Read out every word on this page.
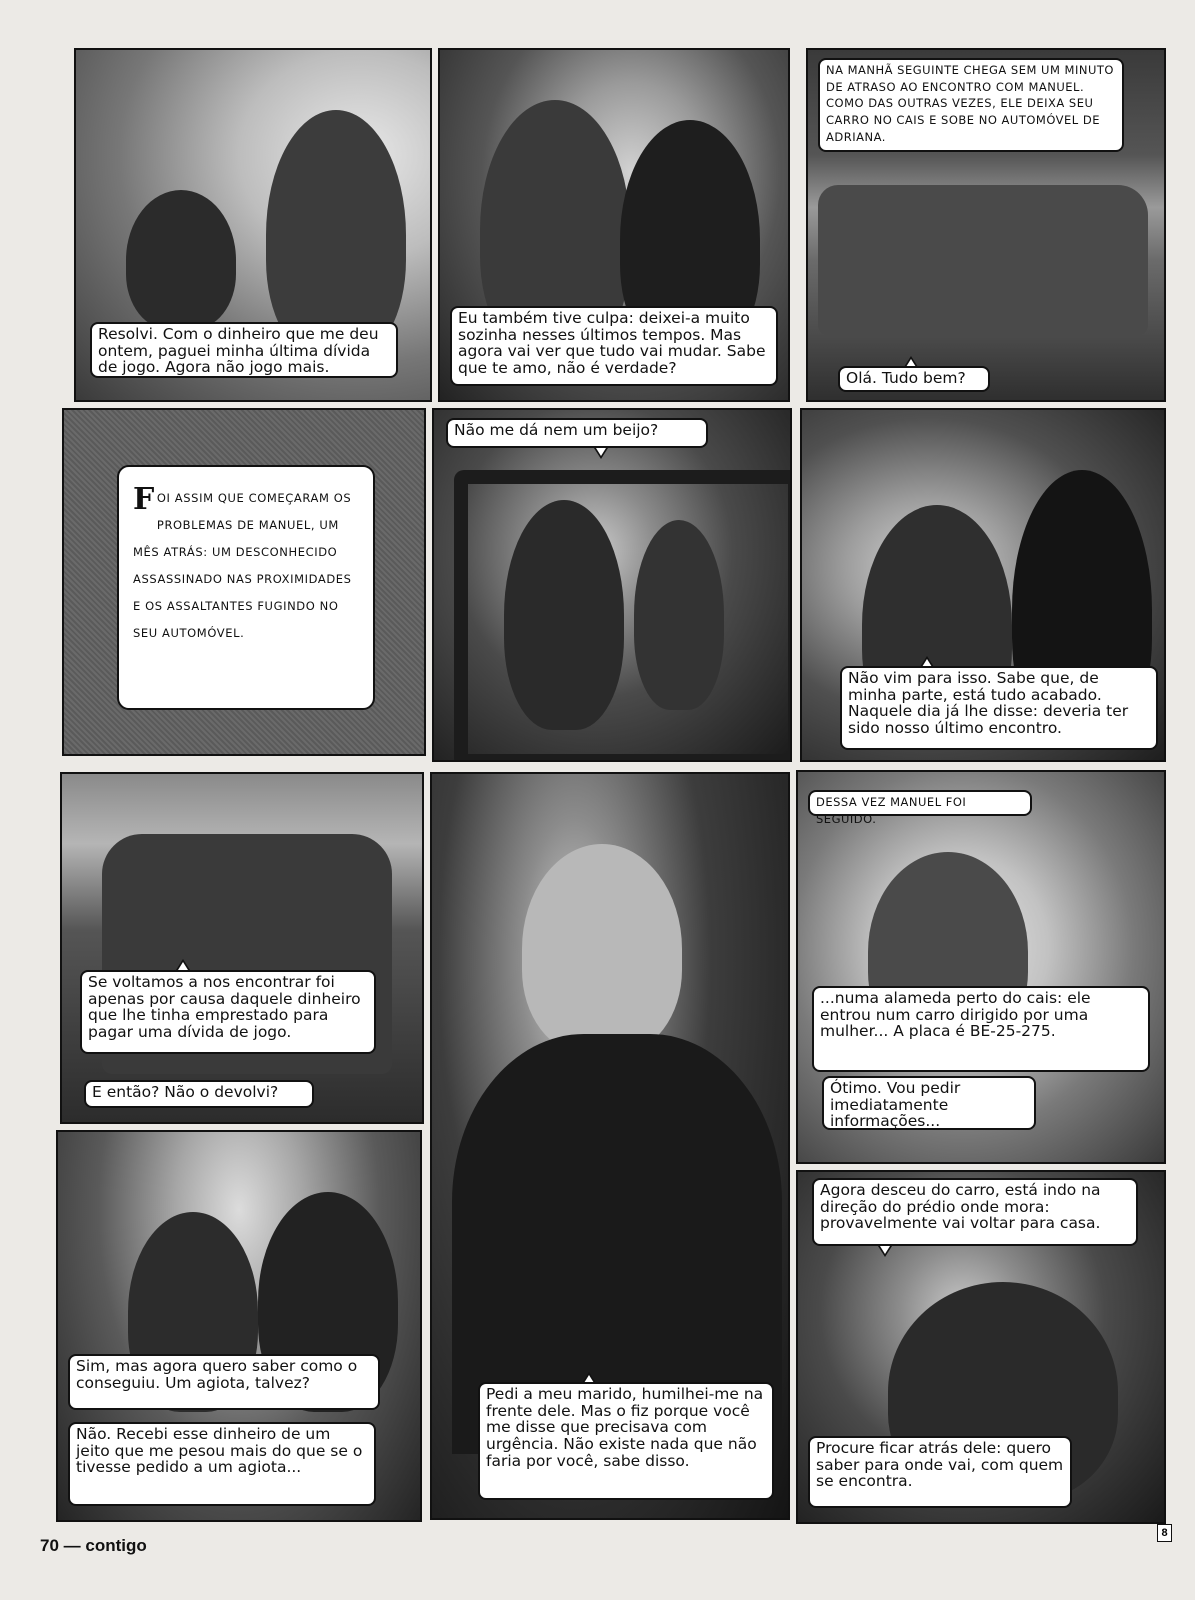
Resolvi. Com o dinheiro que me deu ontem, paguei minha última dívida de jogo. Agora não jogo mais.
Eu também tive culpa: deixei-a muito sozinha nesses últimos tempos. Mas agora vai ver que tudo vai mudar. Sabe que te amo, não é verdade?
NA MANHÃ SEGUINTE CHEGA SEM UM MINUTO DE ATRASO AO ENCONTRO COM MANUEL. COMO DAS OUTRAS VEZES, ELE DEIXA SEU CARRO NO CAIS E SOBE NO AUTOMÓVEL DE ADRIANA.
Olá. Tudo bem?
FOI ASSIM QUE COMEÇARAM OS PROBLEMAS DE MANUEL, UM MÊS ATRÁS: UM DESCONHECIDO ASSASSINADO NAS PROXIMIDADES E OS ASSALTANTES FUGINDO NO SEU AUTOMÓVEL.
Não me dá nem um beijo?
Não vim para isso. Sabe que, de minha parte, está tudo acabado. Naquele dia já lhe disse: deveria ter sido nosso último encontro.
Se voltamos a nos encontrar foi apenas por causa daquele dinheiro que lhe tinha emprestado para pagar uma dívida de jogo.
E então? Não o devolvi?
Pedi a meu marido, humilhei-me na frente dele. Mas o fiz porque você me disse que precisava com urgência. Não existe nada que não faria por você, sabe disso.
DESSA VEZ MANUEL FOI SEGUIDO.
...numa alameda perto do cais: ele entrou num carro dirigido por uma mulher... A placa é BE-25-275.
Ótimo. Vou pedir imediatamente informações...
Sim, mas agora quero saber como o conseguiu. Um agiota, talvez?
Não. Recebi esse dinheiro de um jeito que me pesou mais do que se o tivesse pedido a um agiota...
Agora desceu do carro, está indo na direção do prédio onde mora: provavelmente vai voltar para casa.
Procure ficar atrás dele: quero saber para onde vai, com quem se encontra.
70 — contigo
8
